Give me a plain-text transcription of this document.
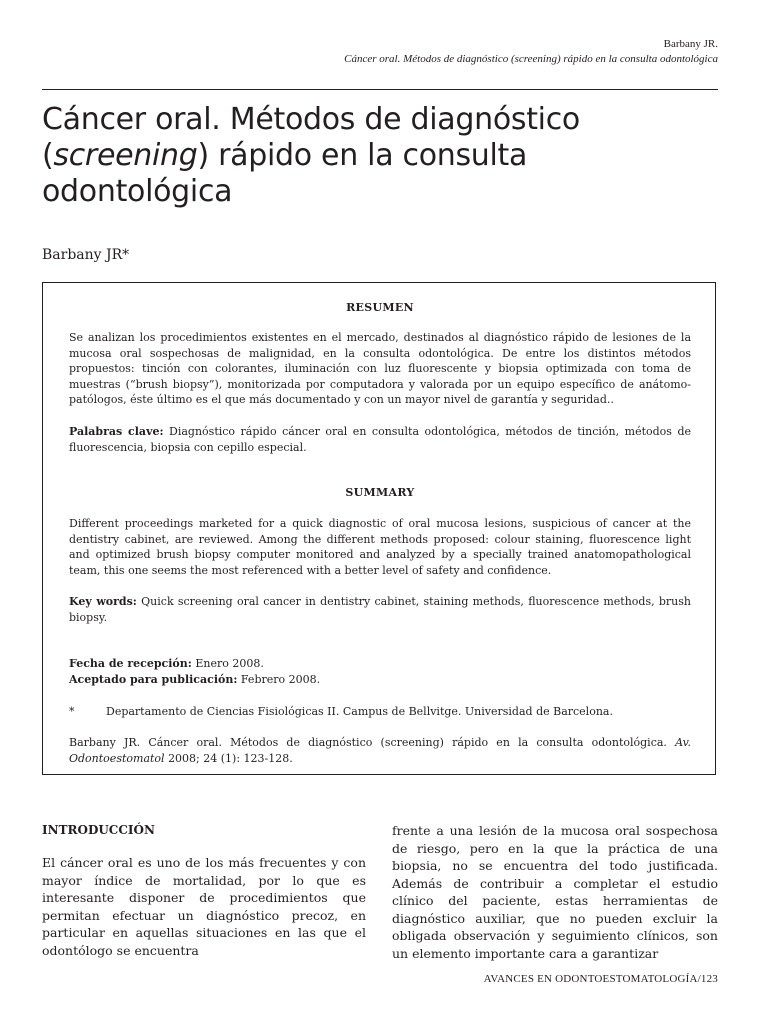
Barbany JR.
Cáncer oral. Métodos de diagnóstico (screening) rápido en la consulta odontológica
Cáncer oral. Métodos de diagnóstico (screening) rápido en la consulta odontológica
Barbany JR*
RESUMEN

Se analizan los procedimientos existentes en el mercado, destinados al diagnóstico rápido de lesiones de la mucosa oral sospechosas de malignidad, en la consulta odontológica. De entre los distintos métodos propuestos: tinción con colorantes, iluminación con luz fluorescente y biopsia optimizada con toma de muestras (“brush biopsy”), monitorizada por computadora y valorada por un equipo específico de anátomo-patólogos, éste último es el que más documentado y con un mayor nivel de garantía y seguridad..

Palabras clave: Diagnóstico rápido cáncer oral en consulta odontológica, métodos de tinción, métodos de fluorescencia, biopsia con cepillo especial.

SUMMARY

Different proceedings marketed for a quick diagnostic of oral mucosa lesions, suspicious of cancer at the dentistry cabinet, are reviewed. Among the different methods proposed: colour staining, fluorescence light and optimized brush biopsy computer monitored and analyzed by a specially trained anatomopathological team, this one seems the most referenced with a better level of safety and confidence.

Key words: Quick screening oral cancer in dentistry cabinet, staining methods, fluorescence methods, brush biopsy.

Fecha de recepción: Enero 2008.

Aceptado para publicación: Febrero 2008.

*	Departamento de Ciencias Fisiológicas II. Campus de Bellvitge. Universidad de Barcelona.

Barbany JR. Cáncer oral. Métodos de diagnóstico (screening) rápido en la consulta odontológica. Av. Odontoestomatol 2008; 24 (1): 123-128.

INTRODUCCIÓN

El cáncer oral es uno de los más frecuentes y con mayor índice de mortalidad, por lo que es interesante disponer de procedimientos que permitan efectuar un diagnóstico precoz, en particular en aquellas situaciones en las que el odontólogo se encuentra

frente a una lesión de la mucosa oral sospechosa de riesgo, pero en la que la práctica de una biopsia, no se encuentra del todo justificada. Además de contribuir a completar el estudio clínico del paciente, estas herramientas de diagnóstico auxiliar, que no pueden excluir la obligada observación y seguimiento clínicos, son un elemento importante cara a garantizar

AVANCES EN ODONTOESTOMATOLOGÍA/123
